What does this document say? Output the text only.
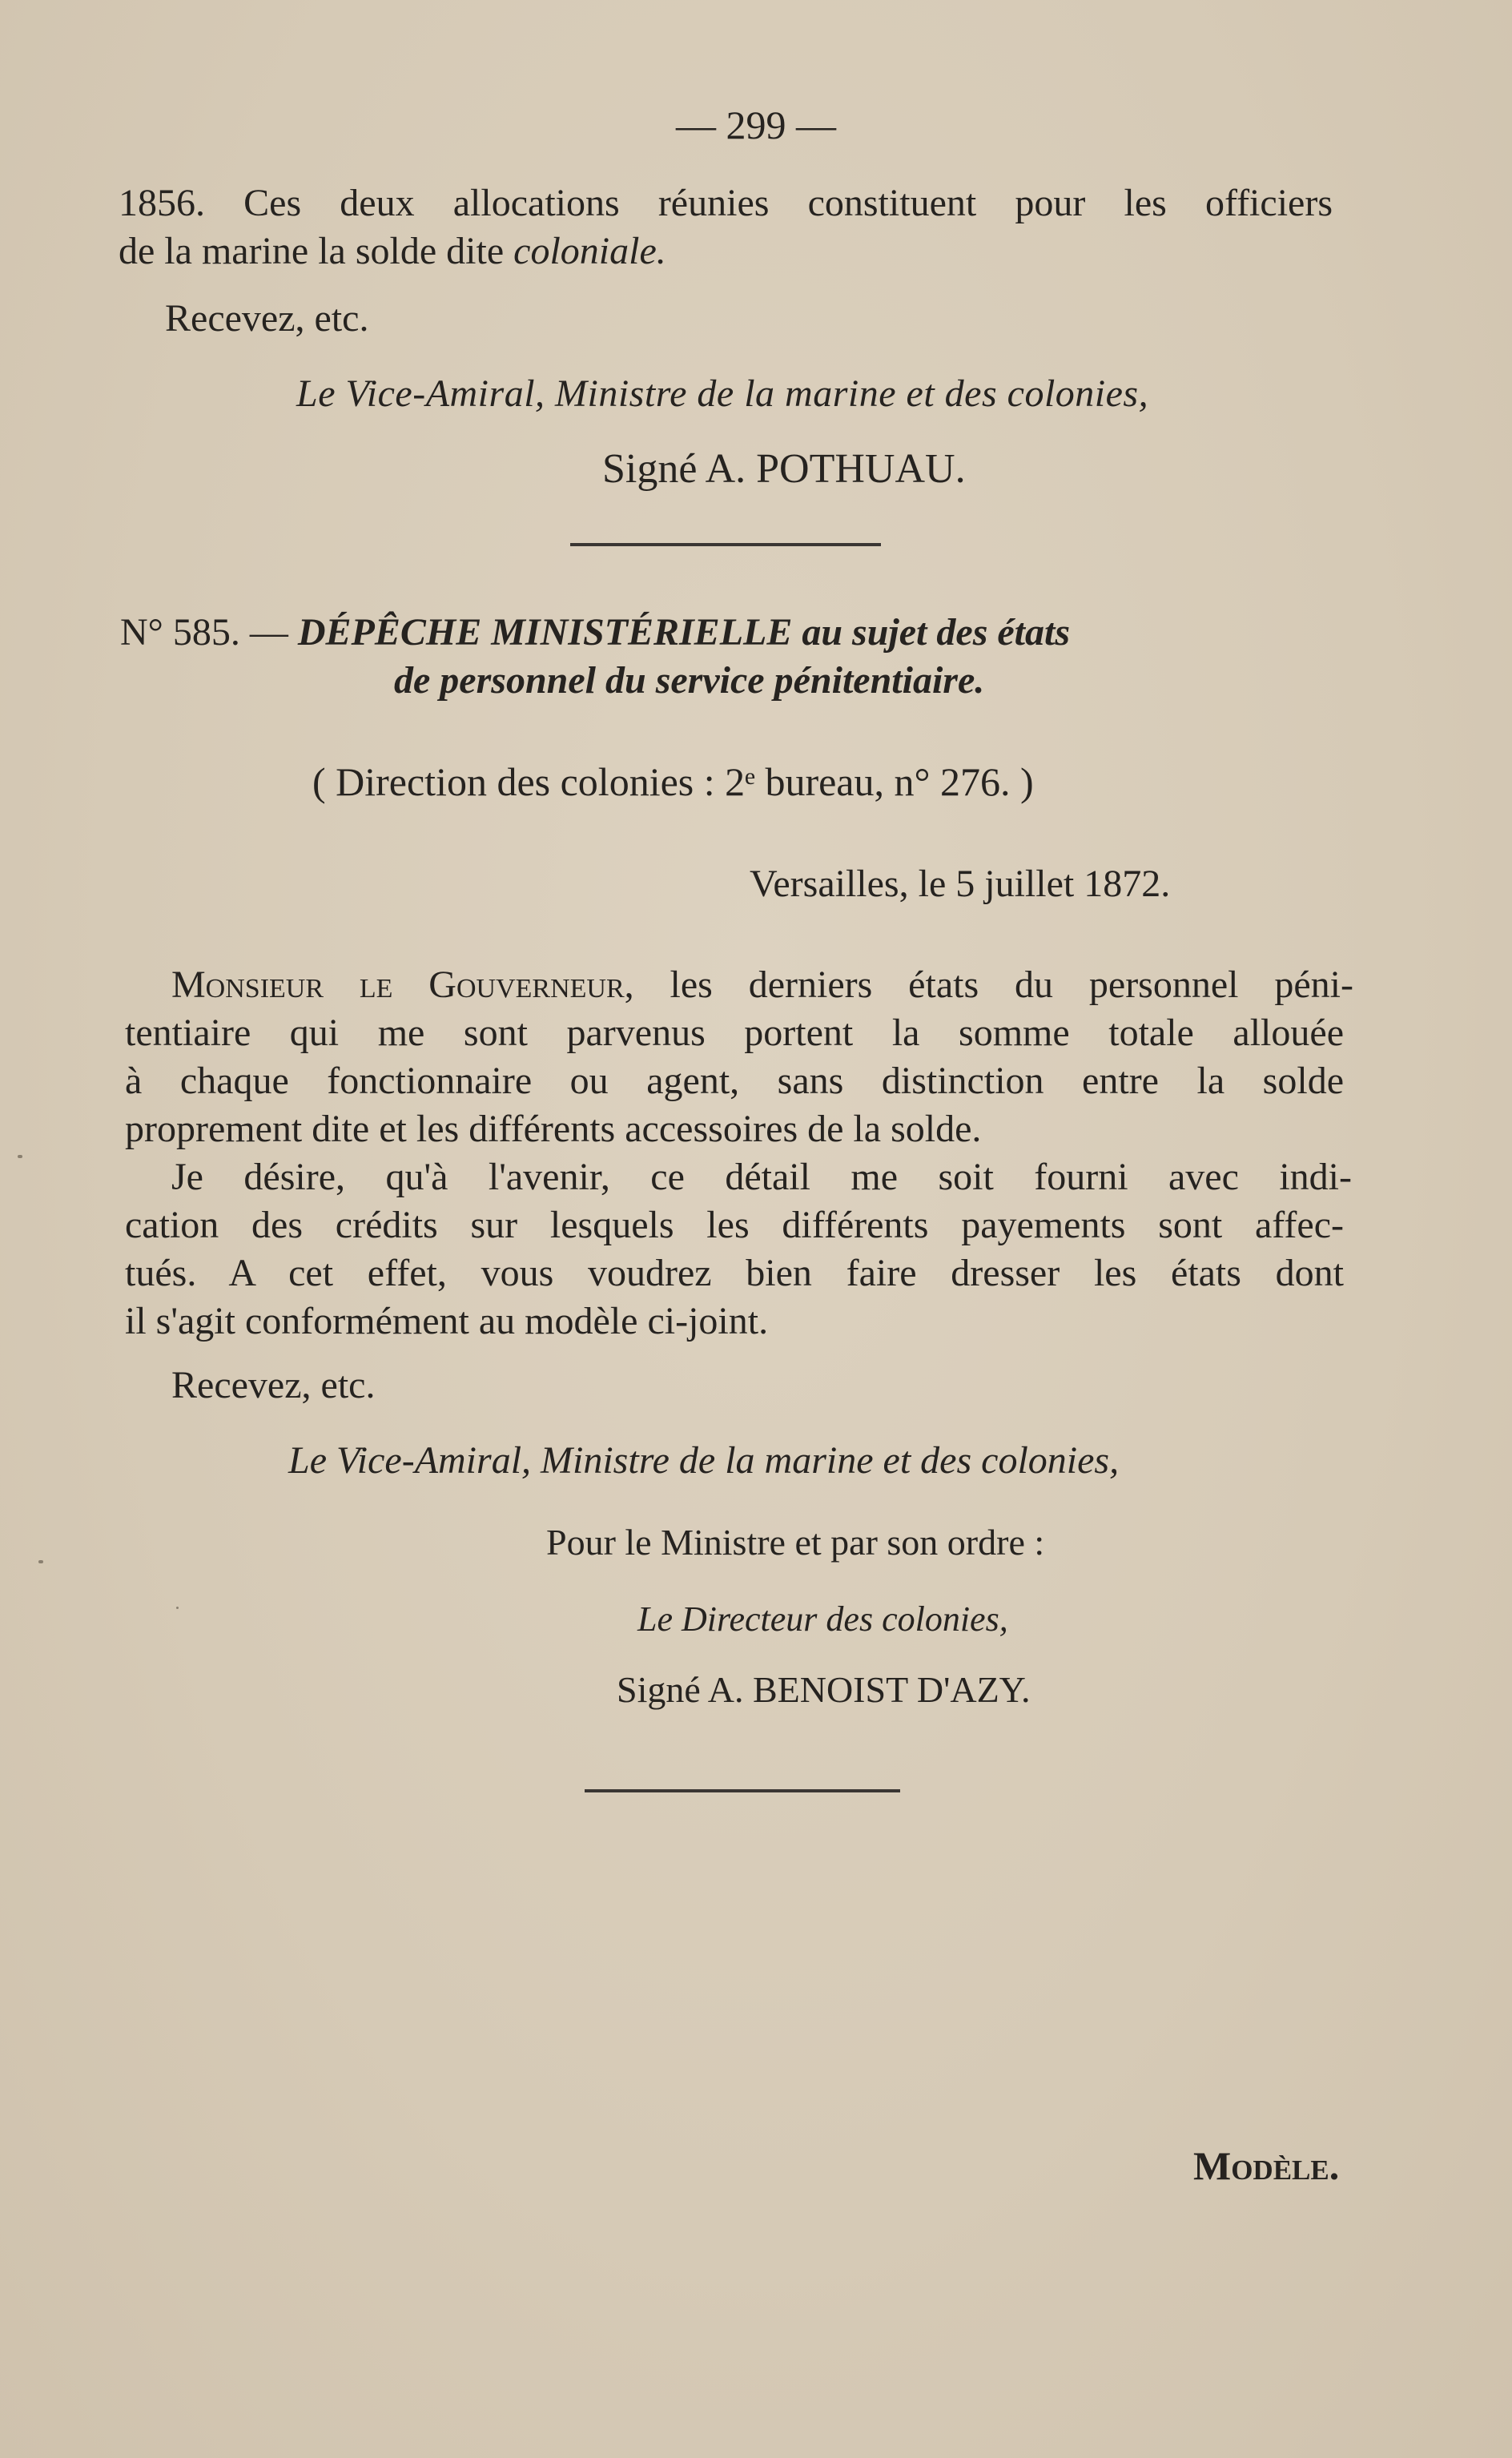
— 299 —
1856. Ces deux allocations réunies constituent pour les officiers
de la marine la solde dite coloniale.
Recevez, etc.
Le Vice-Amiral, Ministre de la marine et des colonies,
Signé A. POTHUAU.
N° 585. — DÉPÊCHE MINISTÉRIELLE au sujet des états
de personnel du service pénitentiaire.
( Direction des colonies : 2ᵉ bureau, n° 276. )
Versailles, le 5 juillet 1872.
Monsieur le Gouverneur, les derniers états du personnel péni-
tentiaire qui me sont parvenus portent la somme totale allouée
à chaque fonctionnaire ou agent, sans distinction entre la solde
proprement dite et les différents accessoires de la solde.
Je désire, qu'à l'avenir, ce détail me soit fourni avec indi-
cation des crédits sur lesquels les différents payements sont affec-
tués. A cet effet, vous voudrez bien faire dresser les états dont
il s'agit conformément au modèle ci-joint.
Recevez, etc.
Le Vice-Amiral, Ministre de la marine et des colonies,
Pour le Ministre et par son ordre :
Le Directeur des colonies,
Signé A. BENOIST D'AZY.
Modèle.
